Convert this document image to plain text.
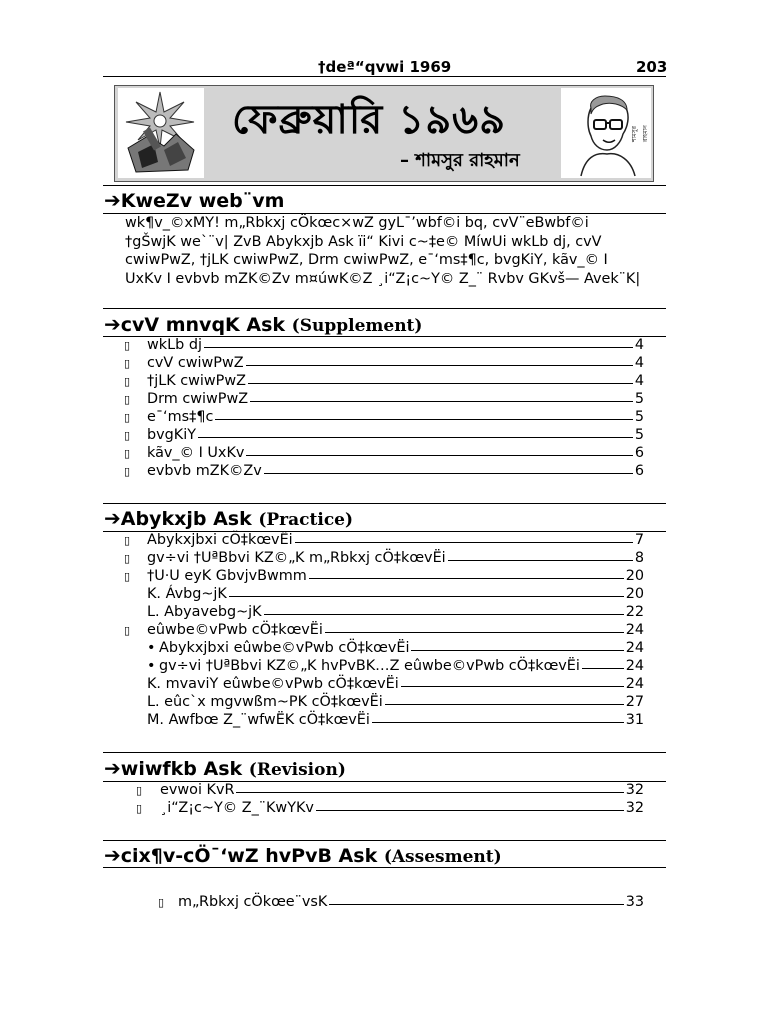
†deª“qvwi 1969	203
ফেব্রুয়ারি ১৯৬৯
– শামসুর রাহমান
শামসুর রাহমান
➔KweZv web¨vm
wk¶v_©xMY! m„Rbkxj cÖkœc×wZ gyL¯’wbf©i bq, cvV¨eBwbf©i
†gŠwjK we`¨v| ZvB Abykxjb Ask ïi“ Kivi c~‡e© MíwUi wkLb dj, cvV
cwiwPwZ, †jLK cwiwPwZ, Drm cwiwPwZ, e¯‘ms‡¶c, bvgKiY, kãv_© I
UxKv I evbvb mZK©Zv m¤úwK©Z ¸i“Z¡c~Y© Z_¨ Rvbv GKvš— Avek¨K|
➔cvV mnvqK Ask (Supplement)
▯	wkLb dj	4
▯	cvV cwiwPwZ	4
▯	†jLK cwiwPwZ	4
▯	Drm cwiwPwZ	5
▯	e¯‘ms‡¶c	5
▯	bvgKiY	5
▯	kãv_© I UxKv	6
▯	evbvb mZK©Zv	6
➔Abykxjb Ask (Practice)
▯	Abykxjbxi cÖ‡kœvËi	7
▯	gv÷vi †UªBbvi KZ©„K m„Rbkxj cÖ‡kœvËi	8
▯	†U·U eyK GbvjvBwmm	20
K. Ávbg~jK	20
L. Abyavebg~jK	22
▯	eûwbe©vPwb cÖ‡kœvËi	24
• Abykxjbxi eûwbe©vPwb cÖ‡kœvËi	24
• gv÷vi †UªBbvi KZ©„K hvPvBK…Z eûwbe©vPwb cÖ‡kœvËi	24
K. mvaviY eûwbe©vPwb cÖ‡kœvËi	24
L. eûc`x mgvwßm~PK cÖ‡kœvËi	27
M. Awfbœ Z_¨wfwËK cÖ‡kœvËi	31
➔wiwfkb Ask (Revision)
▯	evwoi KvR	32
▯	¸i“Z¡c~Y© Z_¨KwYKv	32
➔cix¶v-cÖ¯‘wZ hvPvB Ask (Assesment)
▯ m„Rbkxj cÖkœe¨vsK	33
